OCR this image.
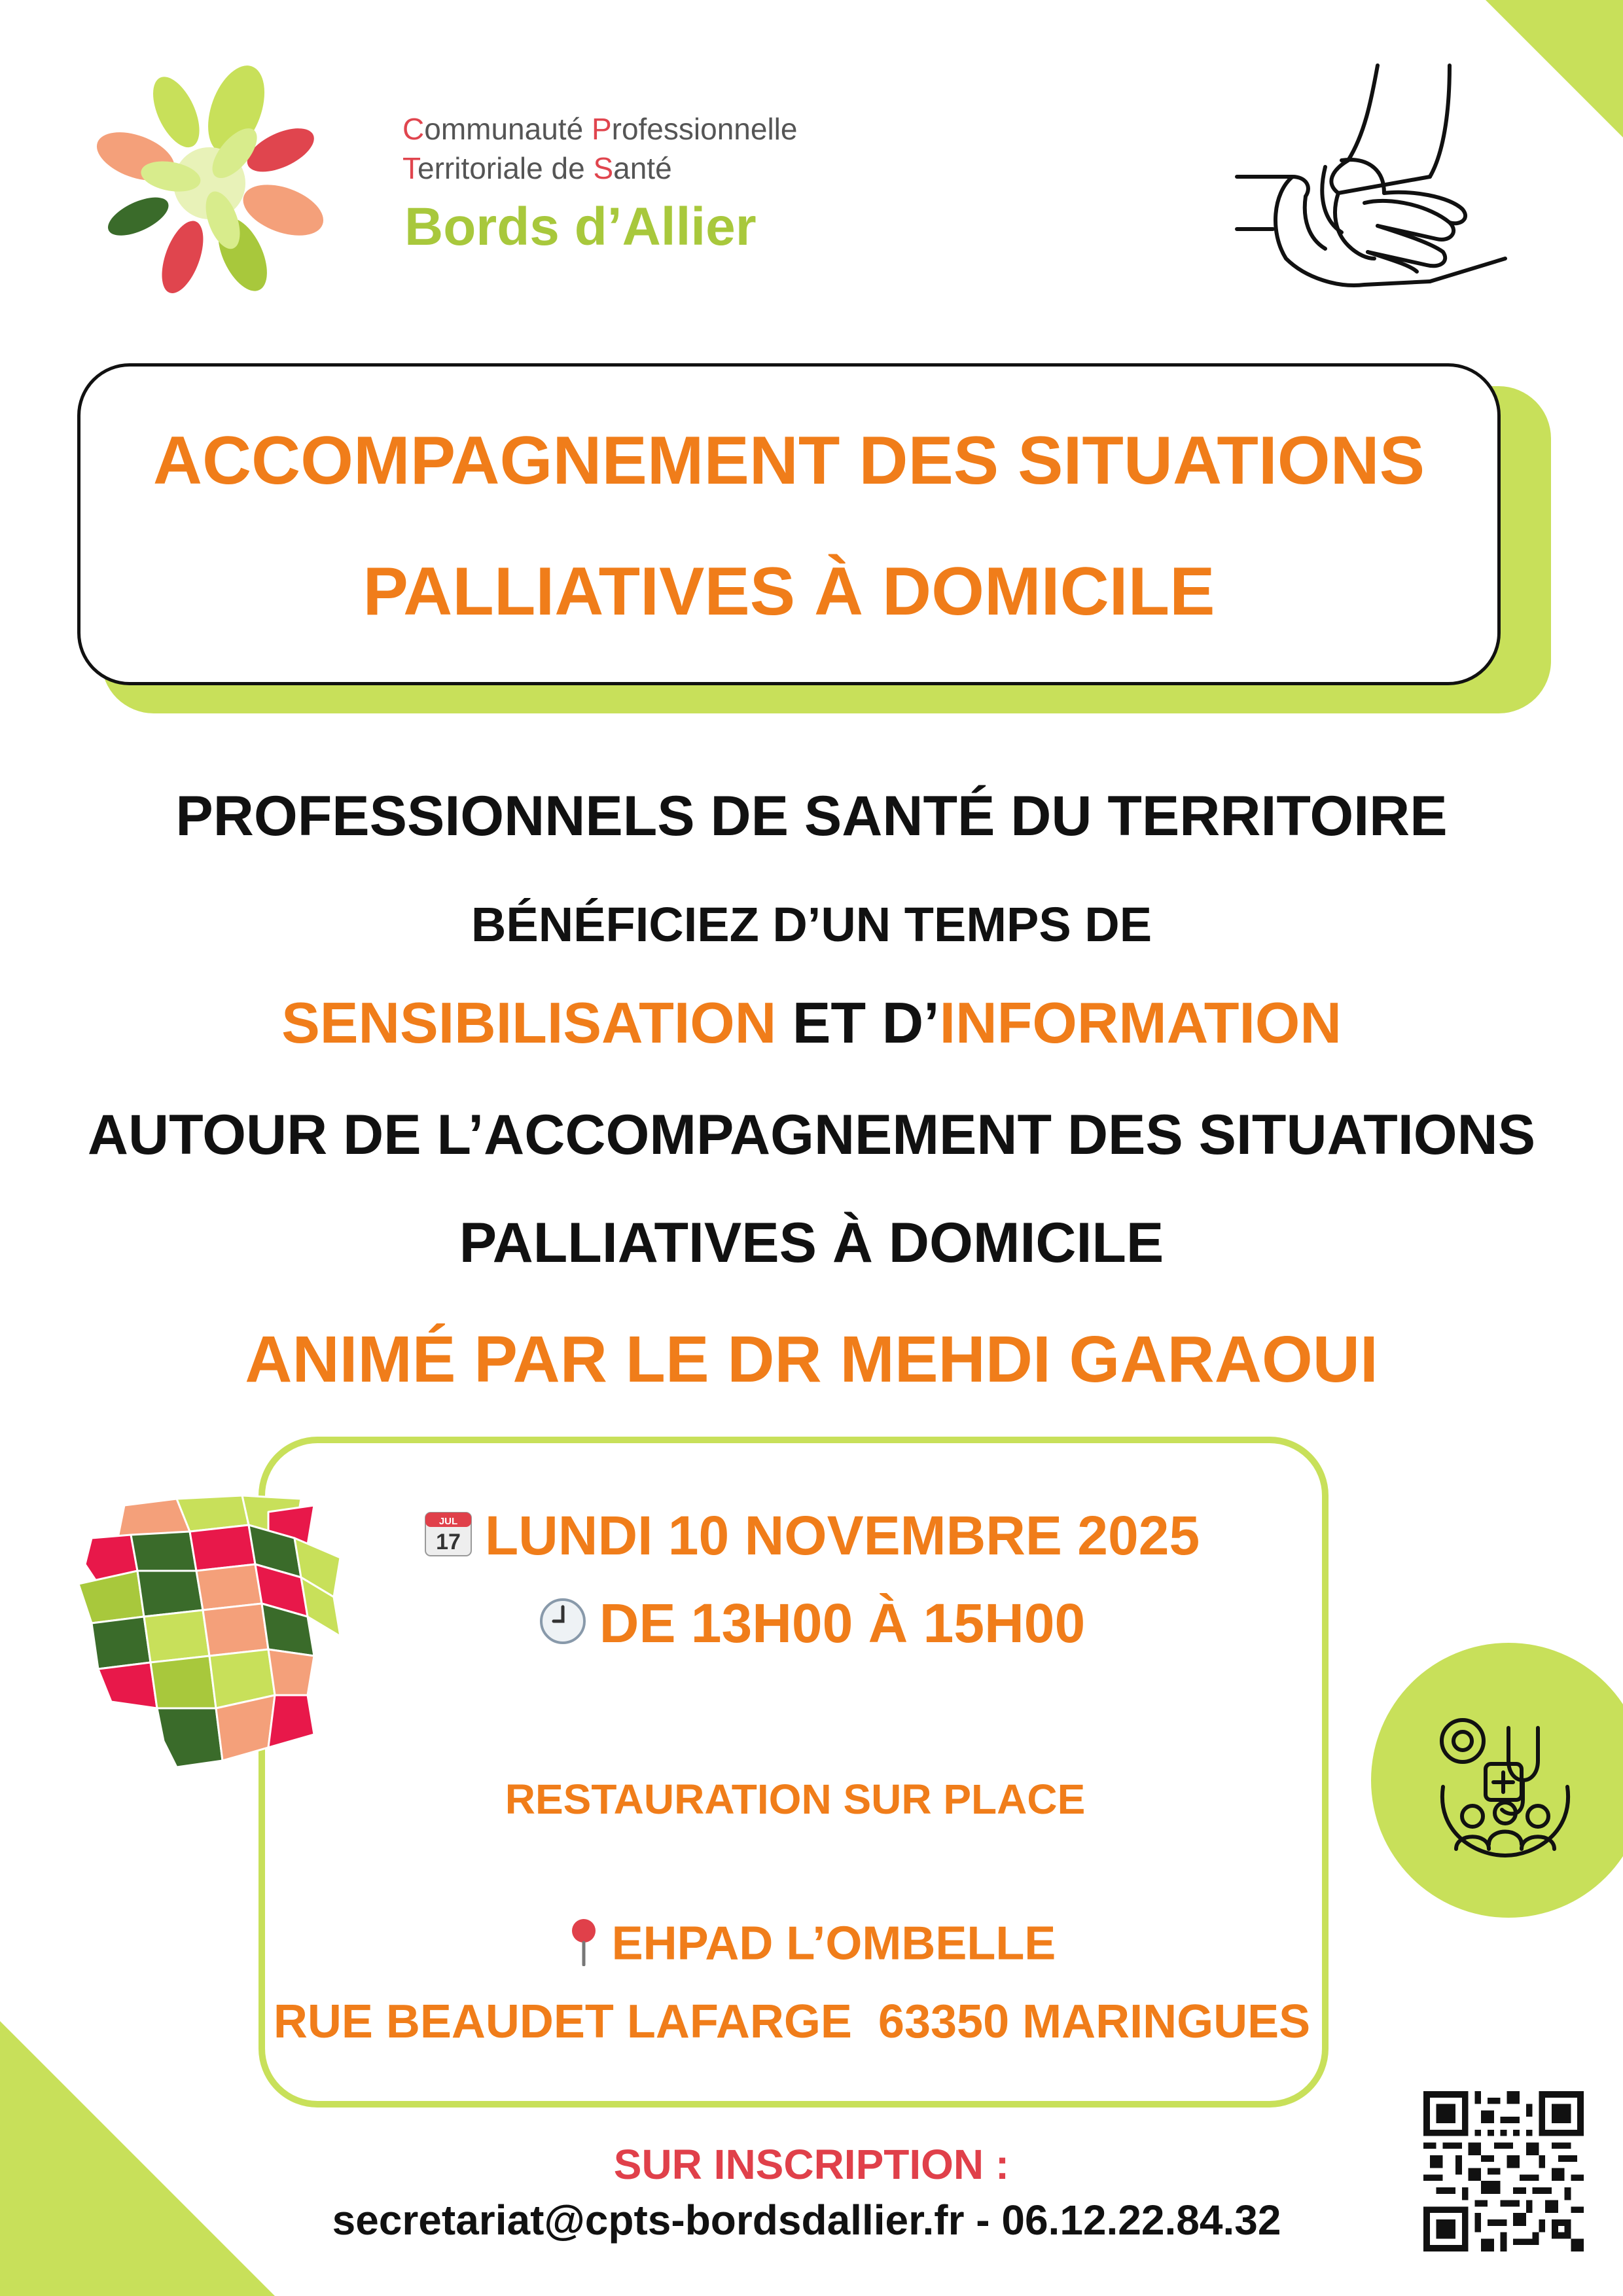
Communauté Professionnelle
Territoriale de Santé
Bords d’Allier
ACCOMPAGNEMENT DES SITUATIONS
PALLIATIVES À DOMICILE
PROFESSIONNELS DE SANTÉ DU TERRITOIRE
BÉNÉFICIEZ D’UN TEMPS DE
SENSIBILISATION ET D’INFORMATION
AUTOUR DE L’ACCOMPAGNEMENT DES SITUATIONS
PALLIATIVES À DOMICILE
ANIMÉ PAR LE DR MEHDI GARAOUI
JUL
17 LUNDI 10 NOVEMBRE 2025
DE 13H00 À 15H00
RESTAURATION SUR PLACE
EHPAD L’OMBELLE
RUE BEAUDET LAFARGE  63350 MARINGUES
SUR INSCRIPTION :
secretariat@cpts-bordsdallier.fr - 06.12.22.84.32
